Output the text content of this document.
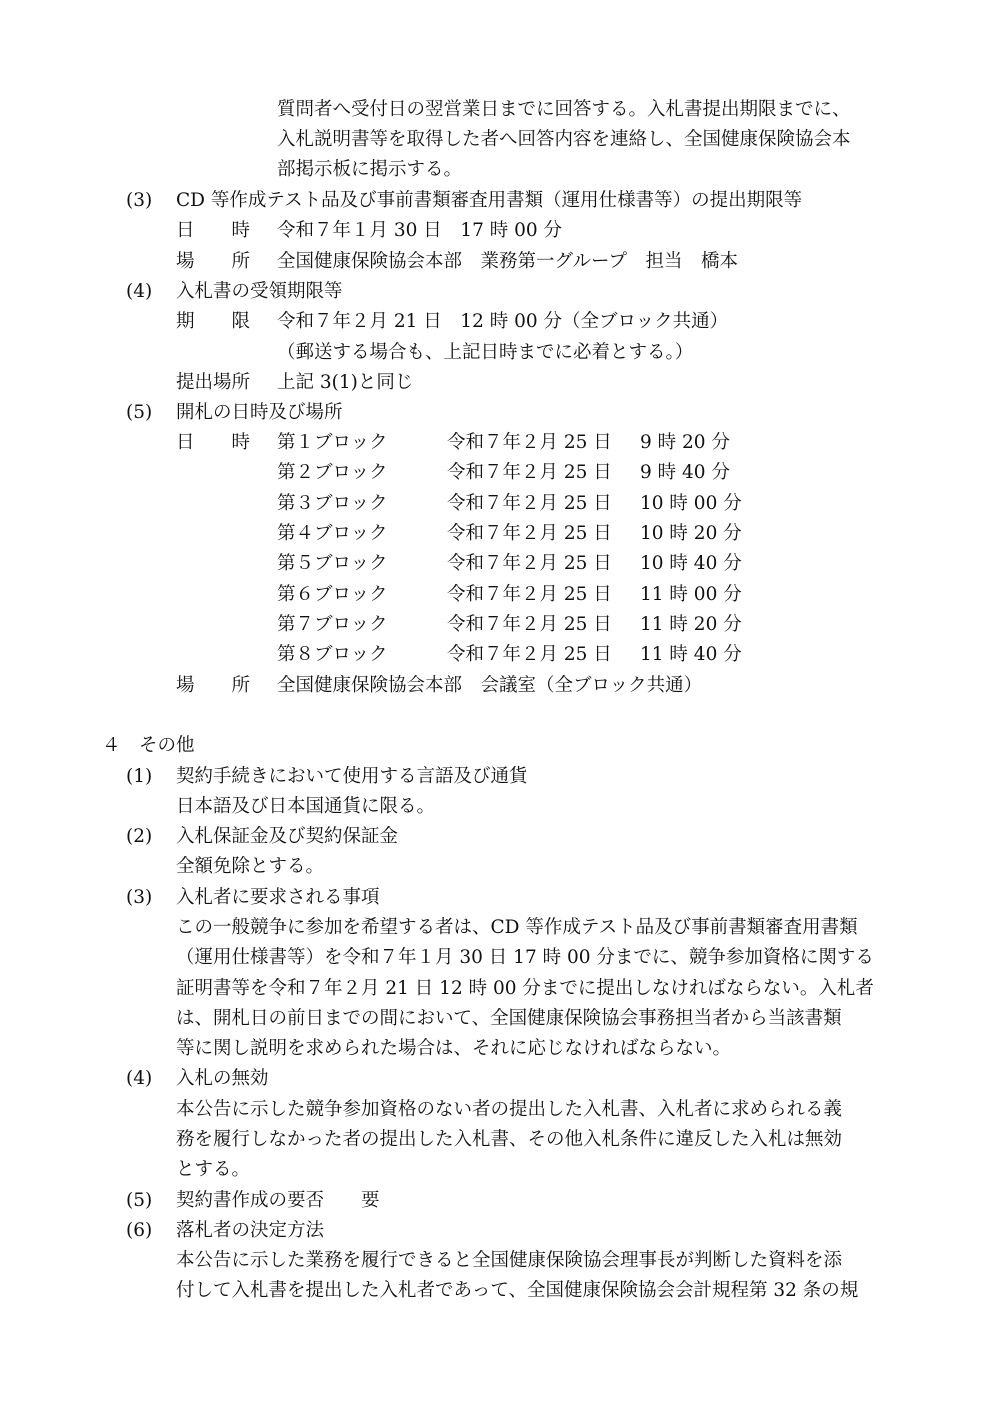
質問者へ受付日の翌営業日までに回答する。入札書提出期限までに、
入札説明書等を取得した者へ回答内容を連絡し、全国健康保険協会本
部掲示板に掲示する。
(3) CD 等作成テスト品及び事前書類審査用書類（運用仕様書等）の提出期限等
日　　時 令和７年１月 30 日　17 時 00 分
場　　所 全国健康保険協会本部　業務第一グループ　担当　橋本
(4) 入札書の受領期限等
期　　限 令和７年２月 21 日　12 時 00 分（全ブロック共通）
（郵送する場合も、上記日時までに必着とする。）
提出場所 上記 3(1)と同じ
(5) 開札の日時及び場所
日　　時 第１ブロック	令和７年２月 25 日 9 時 20 分
第２ブロック	令和７年２月 25 日 9 時 40 分
第３ブロック	令和７年２月 25 日 10 時 00 分
第４ブロック	令和７年２月 25 日 10 時 20 分
第５ブロック	令和７年２月 25 日 10 時 40 分
第６ブロック	令和７年２月 25 日 11 時 00 分
第７ブロック	令和７年２月 25 日 11 時 20 分
第８ブロック	令和７年２月 25 日 11 時 40 分
場　　所 全国健康保険協会本部　会議室（全ブロック共通）
４　その他
(1) 契約手続きにおいて使用する言語及び通貨
日本語及び日本国通貨に限る。
(2) 入札保証金及び契約保証金
全額免除とする。
(3) 入札者に要求される事項
この一般競争に参加を希望する者は、CD 等作成テスト品及び事前書類審査用書類
（運用仕様書等）を令和７年１月 30 日 17 時 00 分までに、競争参加資格に関する
証明書等を令和７年２月 21 日 12 時 00 分までに提出しなければならない。入札者
は、開札日の前日までの間において、全国健康保険協会事務担当者から当該書類
等に関し説明を求められた場合は、それに応じなければならない。
(4) 入札の無効
本公告に示した競争参加資格のない者の提出した入札書、入札者に求められる義
務を履行しなかった者の提出した入札書、その他入札条件に違反した入札は無効
とする。
(5) 契約書作成の要否　　要
(6) 落札者の決定方法
本公告に示した業務を履行できると全国健康保険協会理事長が判断した資料を添
付して入札書を提出した入札者であって、全国健康保険協会会計規程第 32 条の規
